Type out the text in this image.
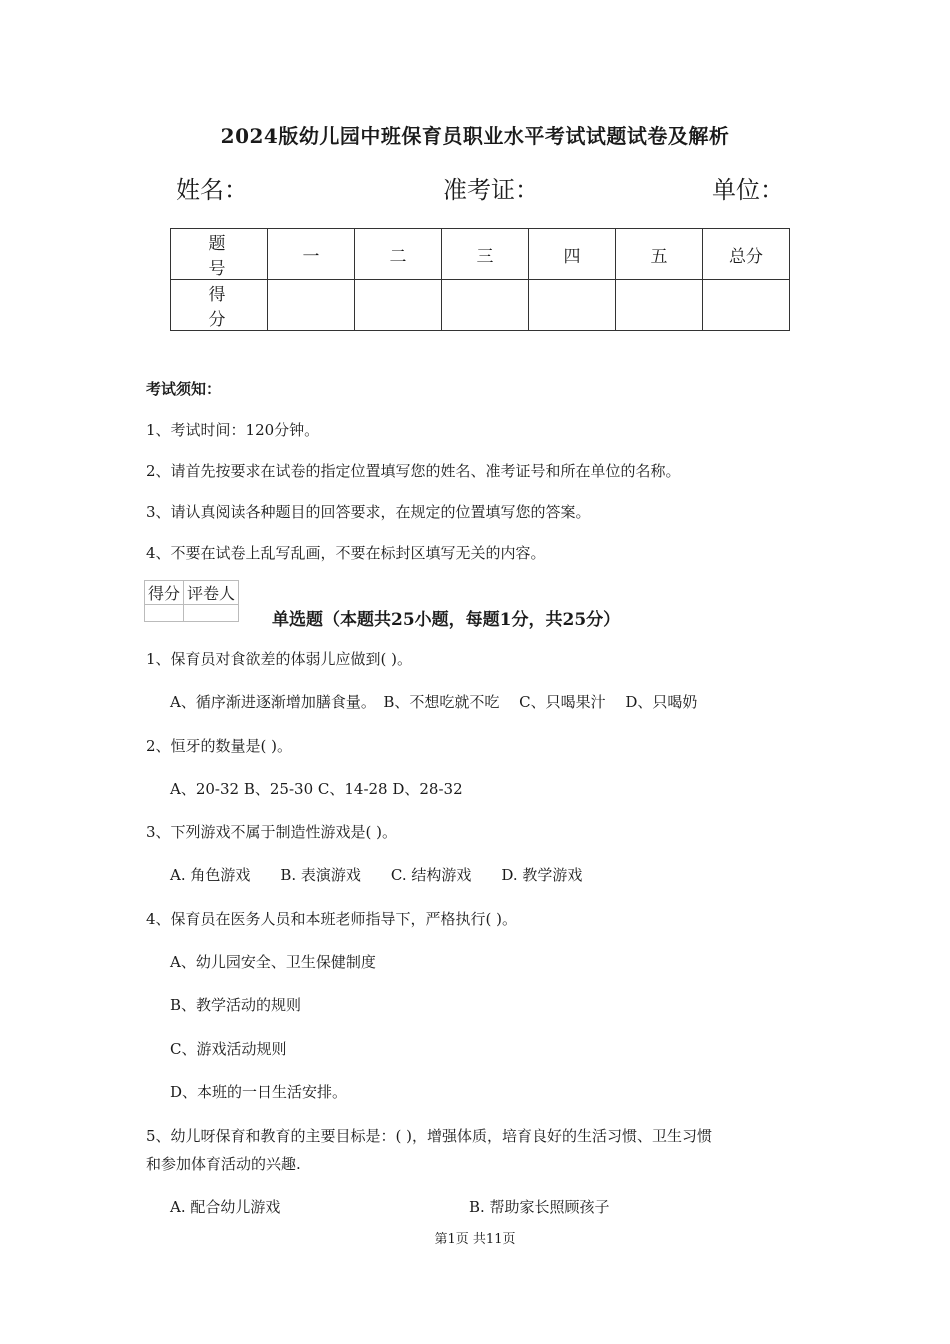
2024版幼儿园中班保育员职业水平考试试题试卷及解析
姓名：	准考证：	单位：
题　号	一	二	三	四	五	总分
得　分						
考试须知：
1、考试时间：120分钟。
2、请首先按要求在试卷的指定位置填写您的姓名、准考证号和所在单位的名称。
3、请认真阅读各种题目的回答要求，在规定的位置填写您的答案。
4、不要在试卷上乱写乱画，不要在标封区填写无关的内容。
得分	评卷人

单选题（本题共25小题，每题1分，共25分）
1、保育员对食欲差的体弱儿应做到( )。
A、循序渐进逐渐增加膳食量。　B、不想吃就不吃　 C、只喝果汁　 D、只喝奶
2、恒牙的数量是( )。
A、20-32 B、25-30 C、14-28 D、28-32
3、下列游戏不属于制造性游戏是( )。
A. 角色游戏　　B. 表演游戏　　C. 结构游戏　　D. 教学游戏
4、保育员在医务人员和本班老师指导下，严格执行( )。
A、幼儿园安全、卫生保健制度
B、教学活动的规则
C、游戏活动规则
D、本班的一日生活安排。
5、幼儿呀保育和教育的主要目标是：( )，增强体质，培育良好的生活习惯、卫生习惯
和参加体育活动的兴趣.
A. 配合幼儿游戏	B. 帮助家长照顾孩子
第1页 共11页
